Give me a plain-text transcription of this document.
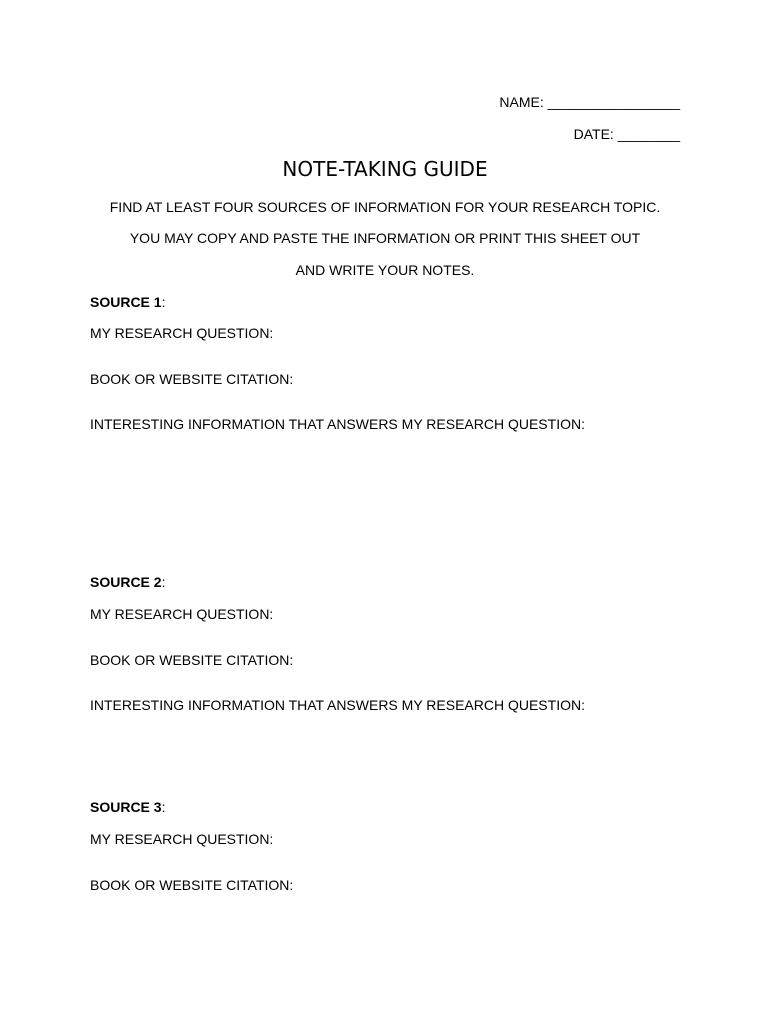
NAME: _________________
DATE: ________
NOTE-TAKING GUIDE
FIND AT LEAST FOUR SOURCES OF INFORMATION FOR YOUR RESEARCH TOPIC.
YOU MAY COPY AND PASTE THE INFORMATION OR PRINT THIS SHEET OUT
AND WRITE YOUR NOTES.
SOURCE 1:
MY RESEARCH QUESTION:
BOOK OR WEBSITE CITATION:
INTERESTING INFORMATION THAT ANSWERS MY RESEARCH QUESTION:
SOURCE 2:
MY RESEARCH QUESTION:
BOOK OR WEBSITE CITATION:
INTERESTING INFORMATION THAT ANSWERS MY RESEARCH QUESTION:
SOURCE 3:
MY RESEARCH QUESTION:
BOOK OR WEBSITE CITATION:
